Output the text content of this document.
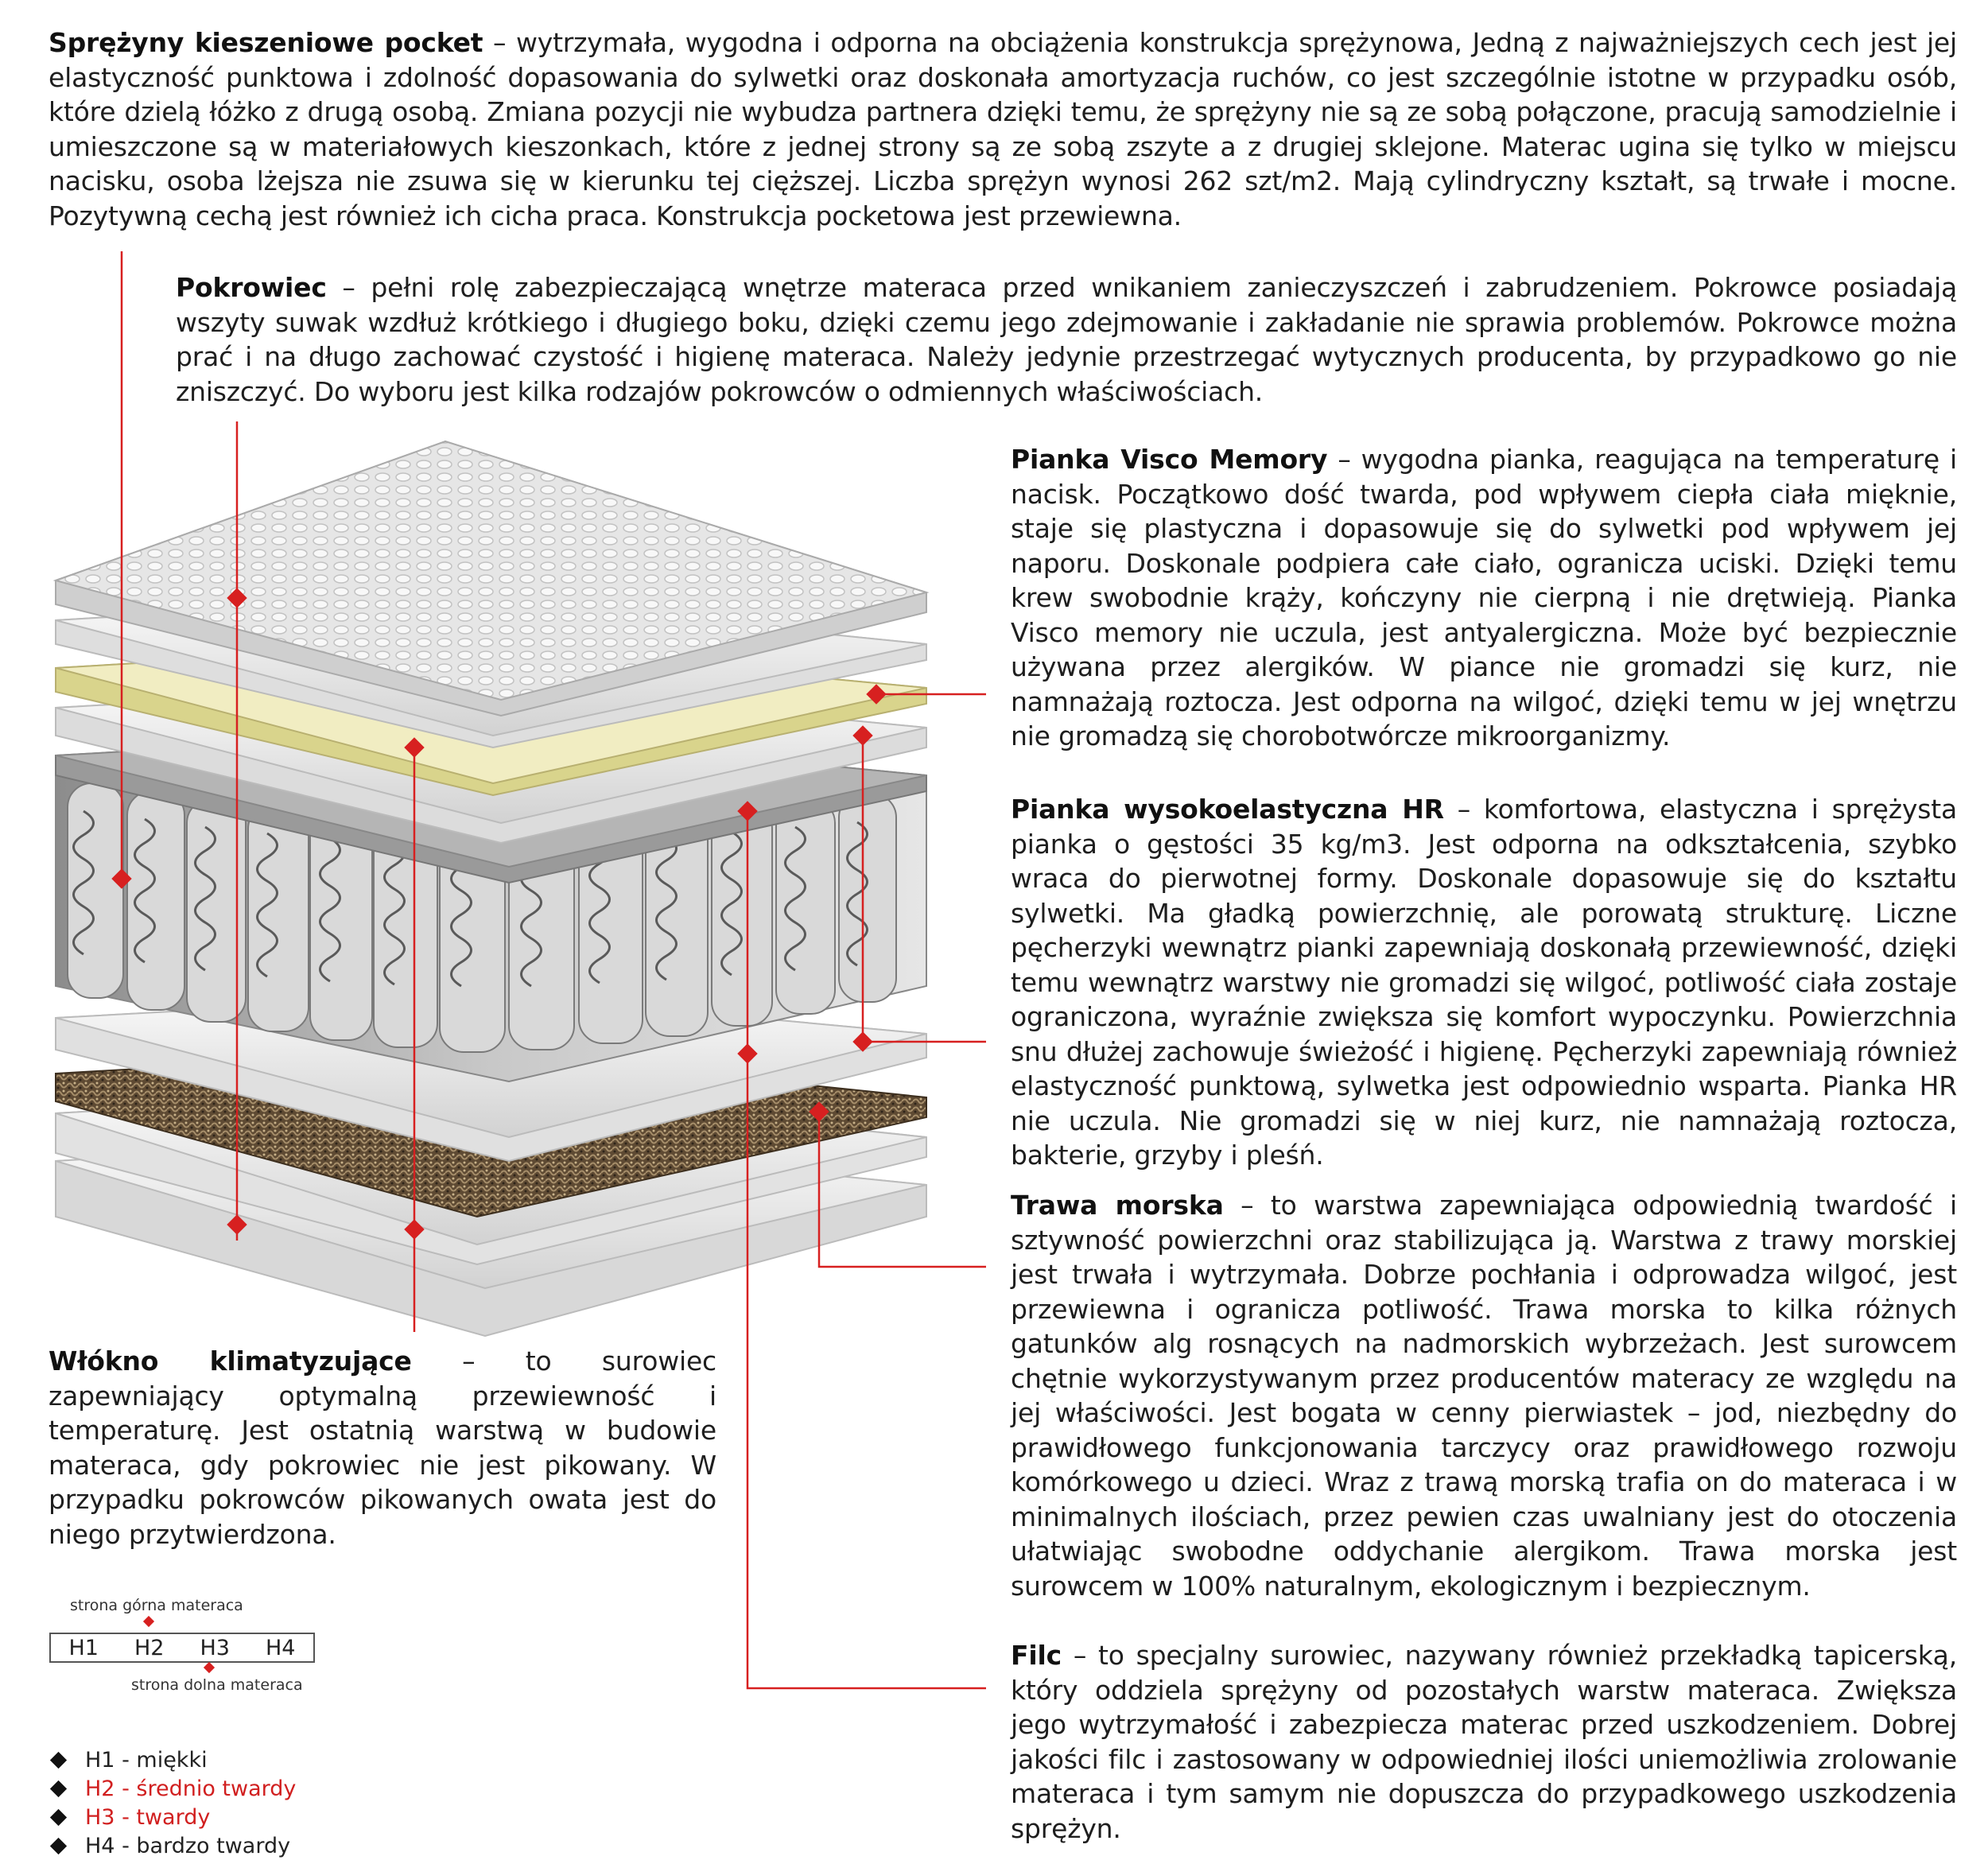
Sprężyny kieszeniowe pocket – wytrzymała, wygodna i odporna na obciążenia konstrukcja sprężynowa, Jedną z najważniejszych cech jest jej elastyczność punktowa i zdolność dopasowania do sylwetki oraz doskonała amortyzacja ruchów, co jest szczególnie istotne w przypadku osób, które dzielą łóżko z drugą osobą. Zmiana pozycji nie wybudza partnera dzięki temu, że sprężyny nie są ze sobą połączone, pracują samodzielnie i umieszczone są w materiałowych kieszonkach, które z jednej strony są ze sobą zszyte a z drugiej sklejone. Materac ugina się tylko w miejscu nacisku, osoba lżejsza nie zsuwa się w kierunku tej cięższej. Liczba sprężyn wynosi 262 szt/m2. Mają cylindryczny kształt, są trwałe i mocne. Pozytywną cechą jest również ich cicha praca. Konstrukcja pocketowa jest przewiewna.

Pokrowiec – pełni rolę zabezpieczającą wnętrze materaca przed wnikaniem zanieczyszczeń i zabrudzeniem. Pokrowce posiadają wszyty suwak wzdłuż krótkiego i długiego boku, dzięki czemu jego zdejmowanie i zakładanie nie sprawia problemów. Pokrowce można prać i na długo zachować czystość i higienę materaca. Należy jedynie przestrzegać wytycznych producenta, by przypadkowo go nie zniszczyć. Do wyboru jest kilka rodzajów pokrowców o odmiennych właściwościach.

Pianka Visco Memory – wygodna pianka, reagująca na temperaturę i nacisk. Początkowo dość twarda, pod wpływem ciepła ciała mięknie, staje się plastyczna i dopasowuje się do sylwetki pod wpływem jej naporu. Doskonale podpiera całe ciało, ogranicza uciski. Dzięki temu krew swobodnie krąży, kończyny nie cierpną i nie drętwieją. Pianka Visco memory nie uczula, jest antyalergiczna. Może być bezpiecznie używana przez alergików. W piance nie gromadzi się kurz, nie namnażają roztocza. Jest odporna na wilgoć, dzięki temu w jej wnętrzu nie gromadzą się chorobotwórcze mikroorganizmy.

Pianka wysokoelastyczna HR – komfortowa, elastyczna i sprężysta pianka o gęstości 35 kg/m3. Jest odporna na odkształcenia, szybko wraca do pierwotnej formy. Doskonale dopasowuje się do kształtu sylwetki. Ma gładką powierzchnię, ale porowatą strukturę. Liczne pęcherzyki wewnątrz pianki zapewniają doskonałą przewiewność, dzięki temu wewnątrz warstwy nie gromadzi się wilgoć, potliwość ciała zostaje ograniczona, wyraźnie zwiększa się komfort wypoczynku. Powierzchnia snu dłużej zachowuje świeżość i higienę. Pęcherzyki zapewniają również elastyczność punktową, sylwetka jest odpowiednio wsparta. Pianka HR nie uczula. Nie gromadzi się w niej kurz, nie namnażają roztocza, bakterie, grzyby i pleśń.

Trawa morska – to warstwa zapewniająca odpowiednią twardość i sztywność powierzchni oraz stabilizująca ją. Warstwa z trawy morskiej jest trwała i wytrzymała. Dobrze pochłania i odprowadza wilgoć, jest przewiewna i ogranicza potliwość. Trawa morska to kilka różnych gatunków alg rosnących na nadmorskich wybrzeżach. Jest surowcem chętnie wykorzystywanym przez producentów materacy ze względu na jej właściwości. Jest bogata w cenny pierwiastek – jod, niezbędny do prawidłowego funkcjonowania tarczycy oraz prawidłowego rozwoju komórkowego u dzieci. Wraz z trawą morską trafia on do materaca i w minimalnych ilościach, przez pewien czas uwalniany jest do otoczenia ułatwiając swobodne oddychanie alergikom. Trawa morska jest surowcem w 100% naturalnym, ekologicznym i bezpiecznym.

Filc – to specjalny surowiec, nazywany również przekładką tapicerską, który oddziela sprężyny od pozostałych warstw materaca. Zwiększa jego wytrzymałość i zabezpiecza materac przed uszkodzeniem. Dobrej jakości filc i zastosowany w odpowiedniej ilości uniemożliwia zrolowanie materaca i tym samym nie dopuszcza do przypadkowego uszkodzenia sprężyn.

Włókno klimatyzujące – to surowiec zapewniający optymalną przewiewność i temperaturę. Jest ostatnią warstwą w budowie materaca, gdy pokrowiec nie jest pikowany. W przypadku pokrowców pikowanych owata jest do niego przytwierdzona.

strona górna materaca
H1 H2 H3 H4
strona dolna materaca
H1 - miękki
H2 - średnio twardy
H3 - twardy
H4 - bardzo twardy
